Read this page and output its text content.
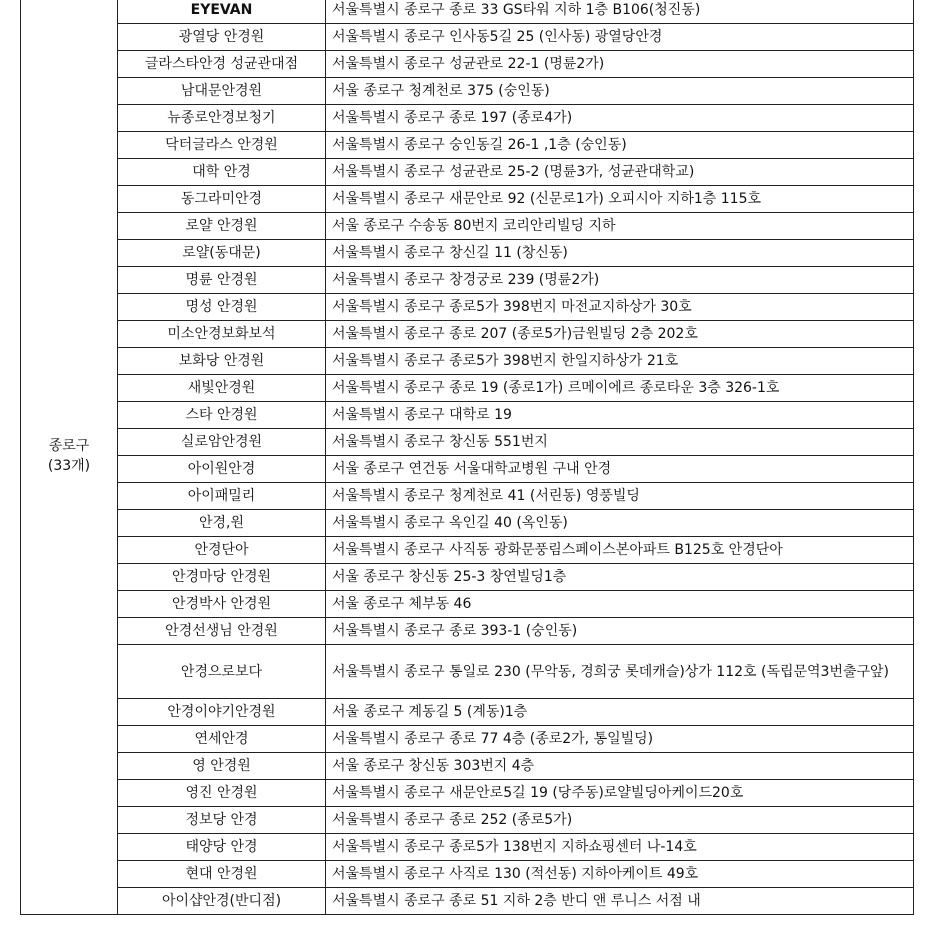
종로구
(33개)	EYEVAN	서울특별시 종로구 종로 33 GS타워 지하 1층 B106(청진동)
	광열당 안경원	서울특별시 종로구 인사동5길 25 (인사동) 광열당안경
	글라스타안경 성균관대점	서울특별시 종로구 성균관로 22-1 (명륜2가)
	남대문안경원	서울 종로구 청계천로 375 (숭인동)
	뉴종로안경보청기	서울특별시 종로구 종로 197 (종로4가)
	닥터글라스 안경원	서울특별시 종로구 숭인동길 26-1 ,1층 (숭인동)
	대학 안경	서울특별시 종로구 성균관로 25-2 (명륜3가, 성균관대학교)
	동그라미안경	서울특별시 종로구 새문안로 92 (신문로1가) 오피시아 지하1층 115호
	로얄 안경원	서울 종로구 수송동 80번지 코리안리빌딩 지하
	로얄(동대문)	서울특별시 종로구 창신길 11 (창신동)
	명륜 안경원	서울특별시 종로구 창경궁로 239 (명륜2가)
	명성 안경원	서울특별시 종로구 종로5가 398번지 마전교지하상가 30호
	미소안경보화보석	서울특별시 종로구 종로 207 (종로5가)금원빌딩 2층 202호
	보화당 안경원	서울특별시 종로구 종로5가 398번지 한일지하상가 21호
	새빛안경원	서울특별시 종로구 종로 19 (종로1가) 르메이에르 종로타운 3층 326-1호
	스타 안경원	서울특별시 종로구 대학로 19
	실로암안경원	서울특별시 종로구 창신동 551번지
	아이원안경	서울 종로구 연건동 서울대학교병원 구내 안경
	아이패밀리	서울특별시 종로구 청계천로 41 (서린동) 영풍빌딩
	안경,원	서울특별시 종로구 옥인길 40 (옥인동)
	안경단아	서울특별시 종로구 사직동 광화문풍림스페이스본아파트 B125호 안경단아
	안경마당 안경원	서울 종로구 창신동 25-3 창연빌딩1층
	안경박사 안경원	서울 종로구 체부동 46
	안경선생님 안경원	서울특별시 종로구 종로 393-1 (숭인동)
	안경으로보다	서울특별시 종로구 통일로 230 (무악동, 경희궁 롯데캐슬)상가 112호 (독립문역3번출구앞)
	안경이야기안경원	서울 종로구 계동길 5 (계동)1층
	연세안경	서울특별시 종로구 종로 77 4층 (종로2가, 통일빌딩)
	영 안경원	서울 종로구 창신동 303번지 4층
	영진 안경원	서울특별시 종로구 새문안로5길 19 (당주동)로얄빌딩아케이드20호
	정보당 안경	서울특별시 종로구 종로 252 (종로5가)
	태양당 안경	서울특별시 종로구 종로5가 138번지 지하쇼핑센터 나-14호
	현대 안경원	서울특별시 종로구 사직로 130 (적선동) 지하아케이트 49호
	아이샵안경(반디점)	서울특별시 종로구 종로 51 지하 2층 반디 앤 루니스 서점 내
